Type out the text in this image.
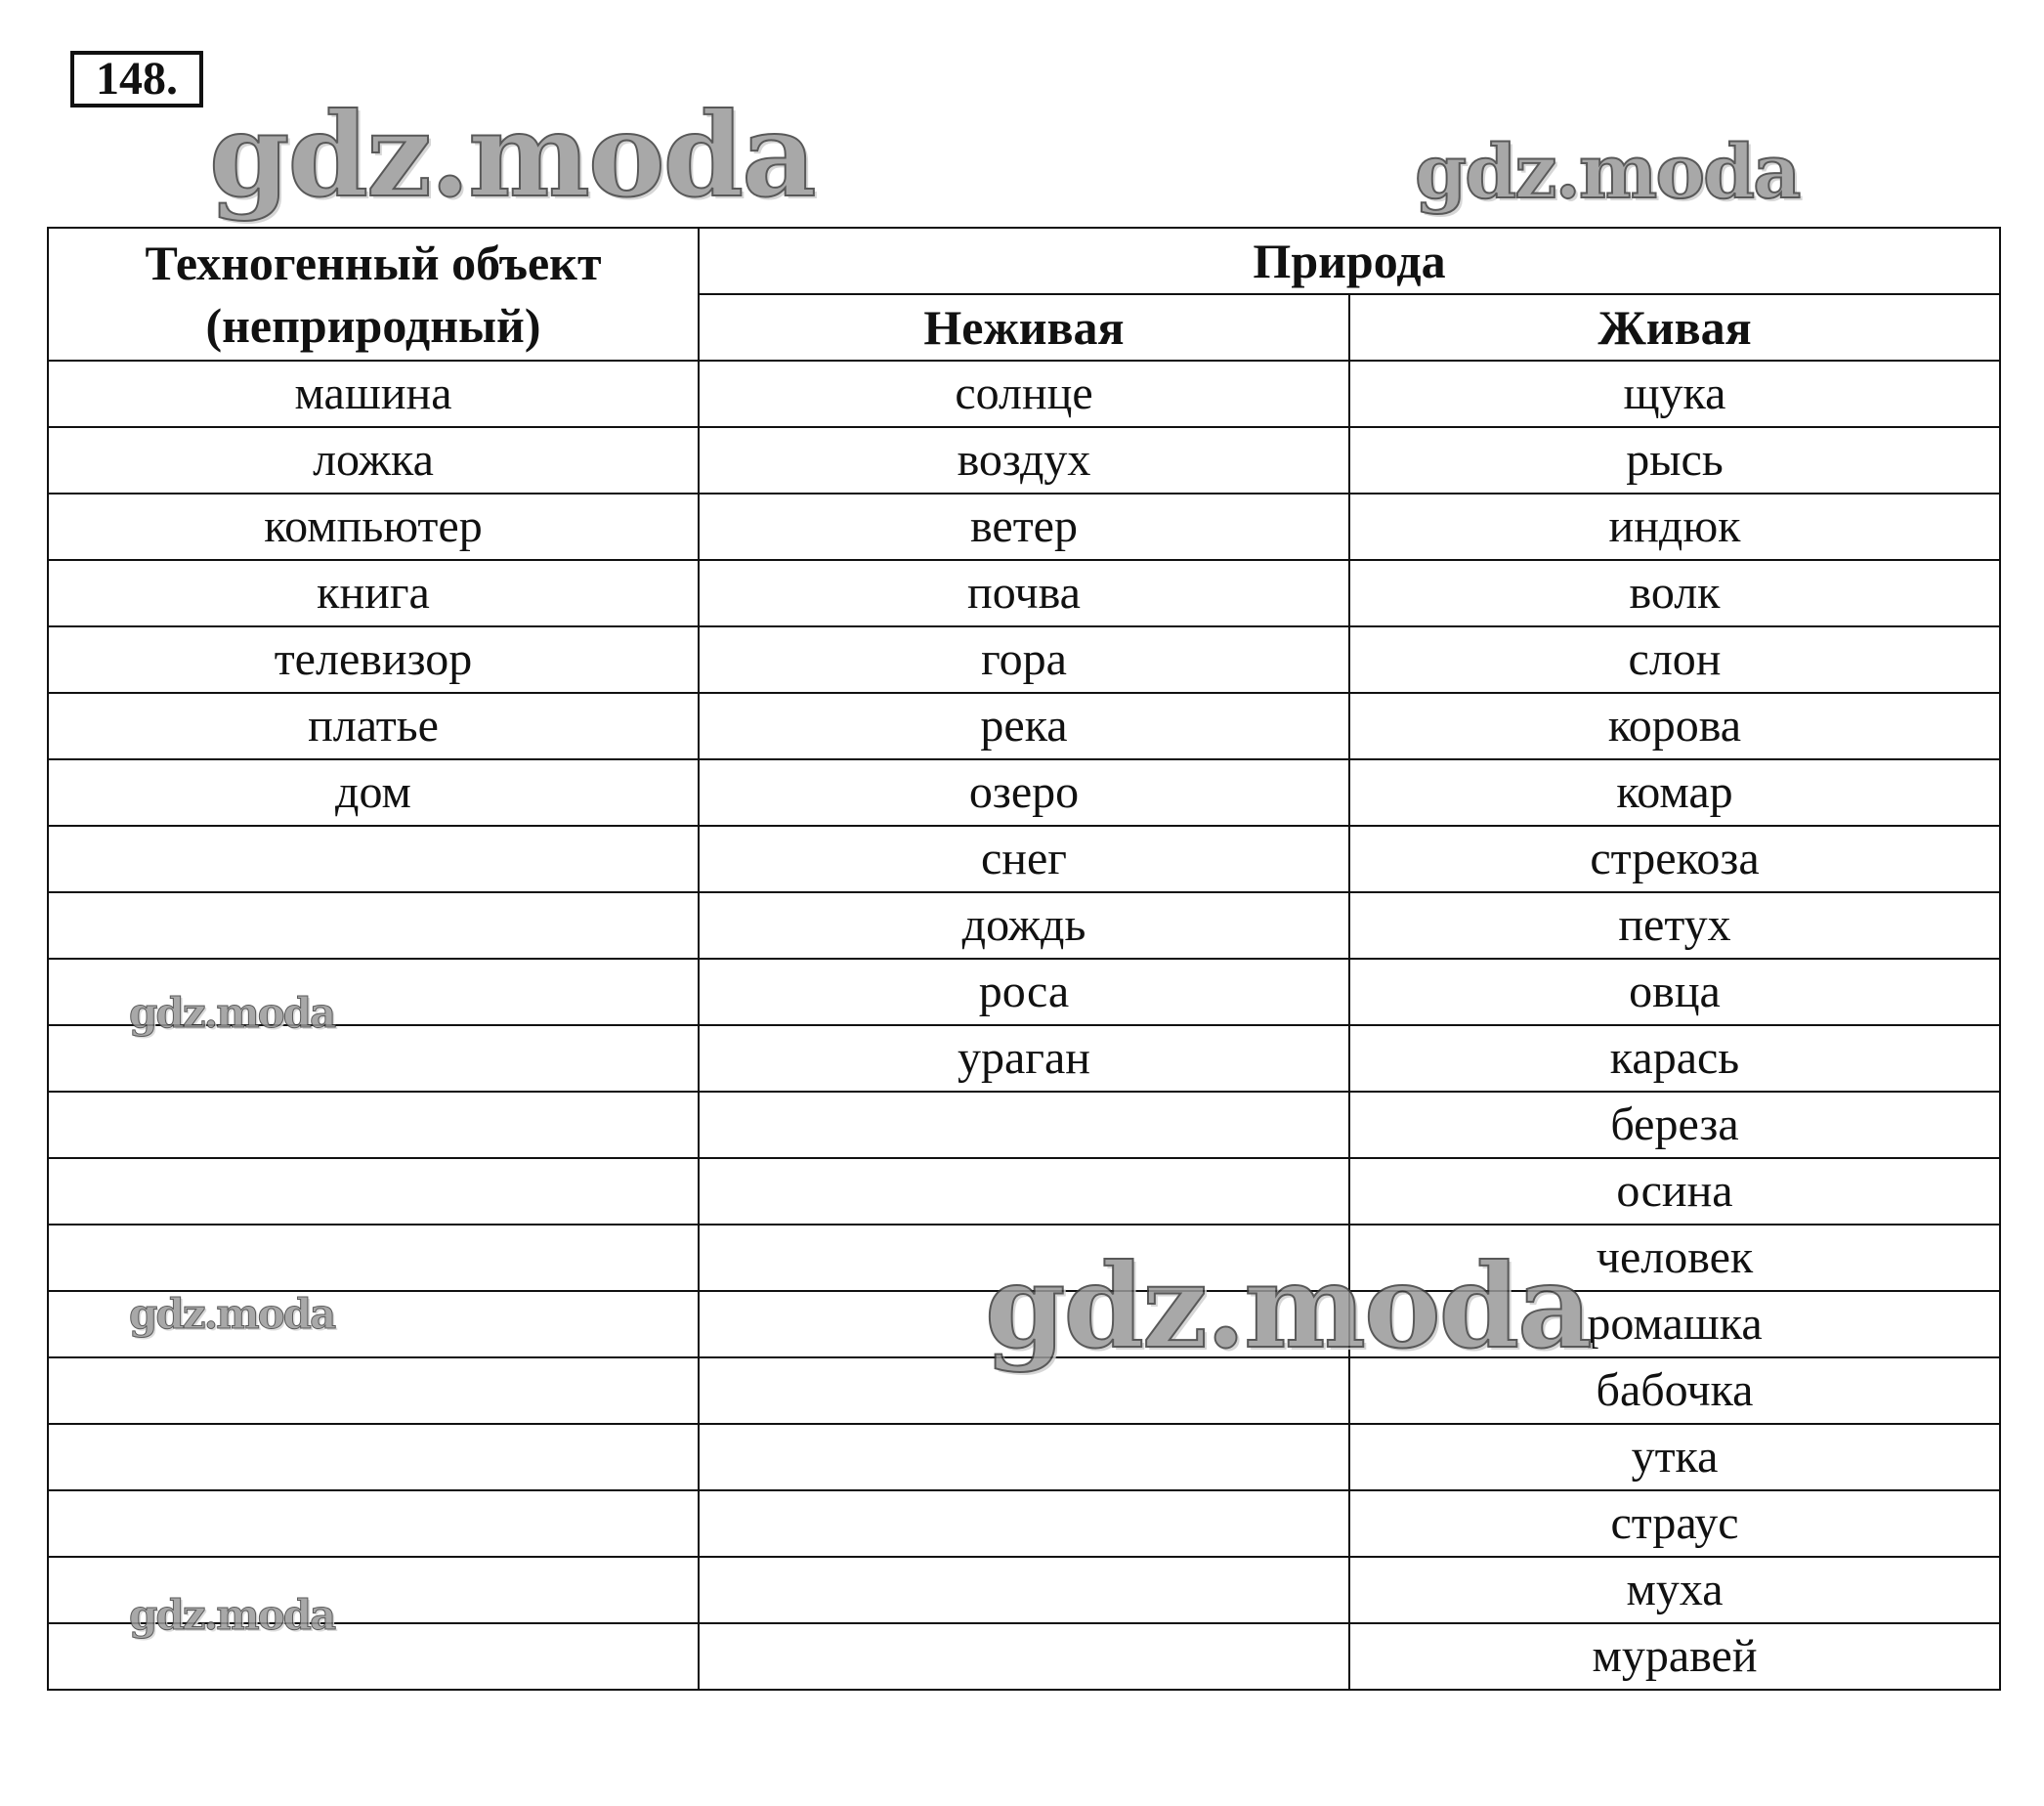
148.
gdz.moda	gdz.moda
gdz.moda
gdz.moda
gdz.moda
gdz.moda
Техногенный объект
(неприродный)	Природа	
	Неживая	Живая
машина	солнце	щука
ложка	воздух	рысь
компьютер	ветер	индюк
книга	почва	волк
телевизор	гора	слон
платье	река	корова
дом	озеро	комар
	снег	стрекоза
	дождь	петух
	роса	овца
	ураган	карась
		береза
		осина
		человек
		ромашка
		бабочка
		утка
		страус
		муха
		муравей
